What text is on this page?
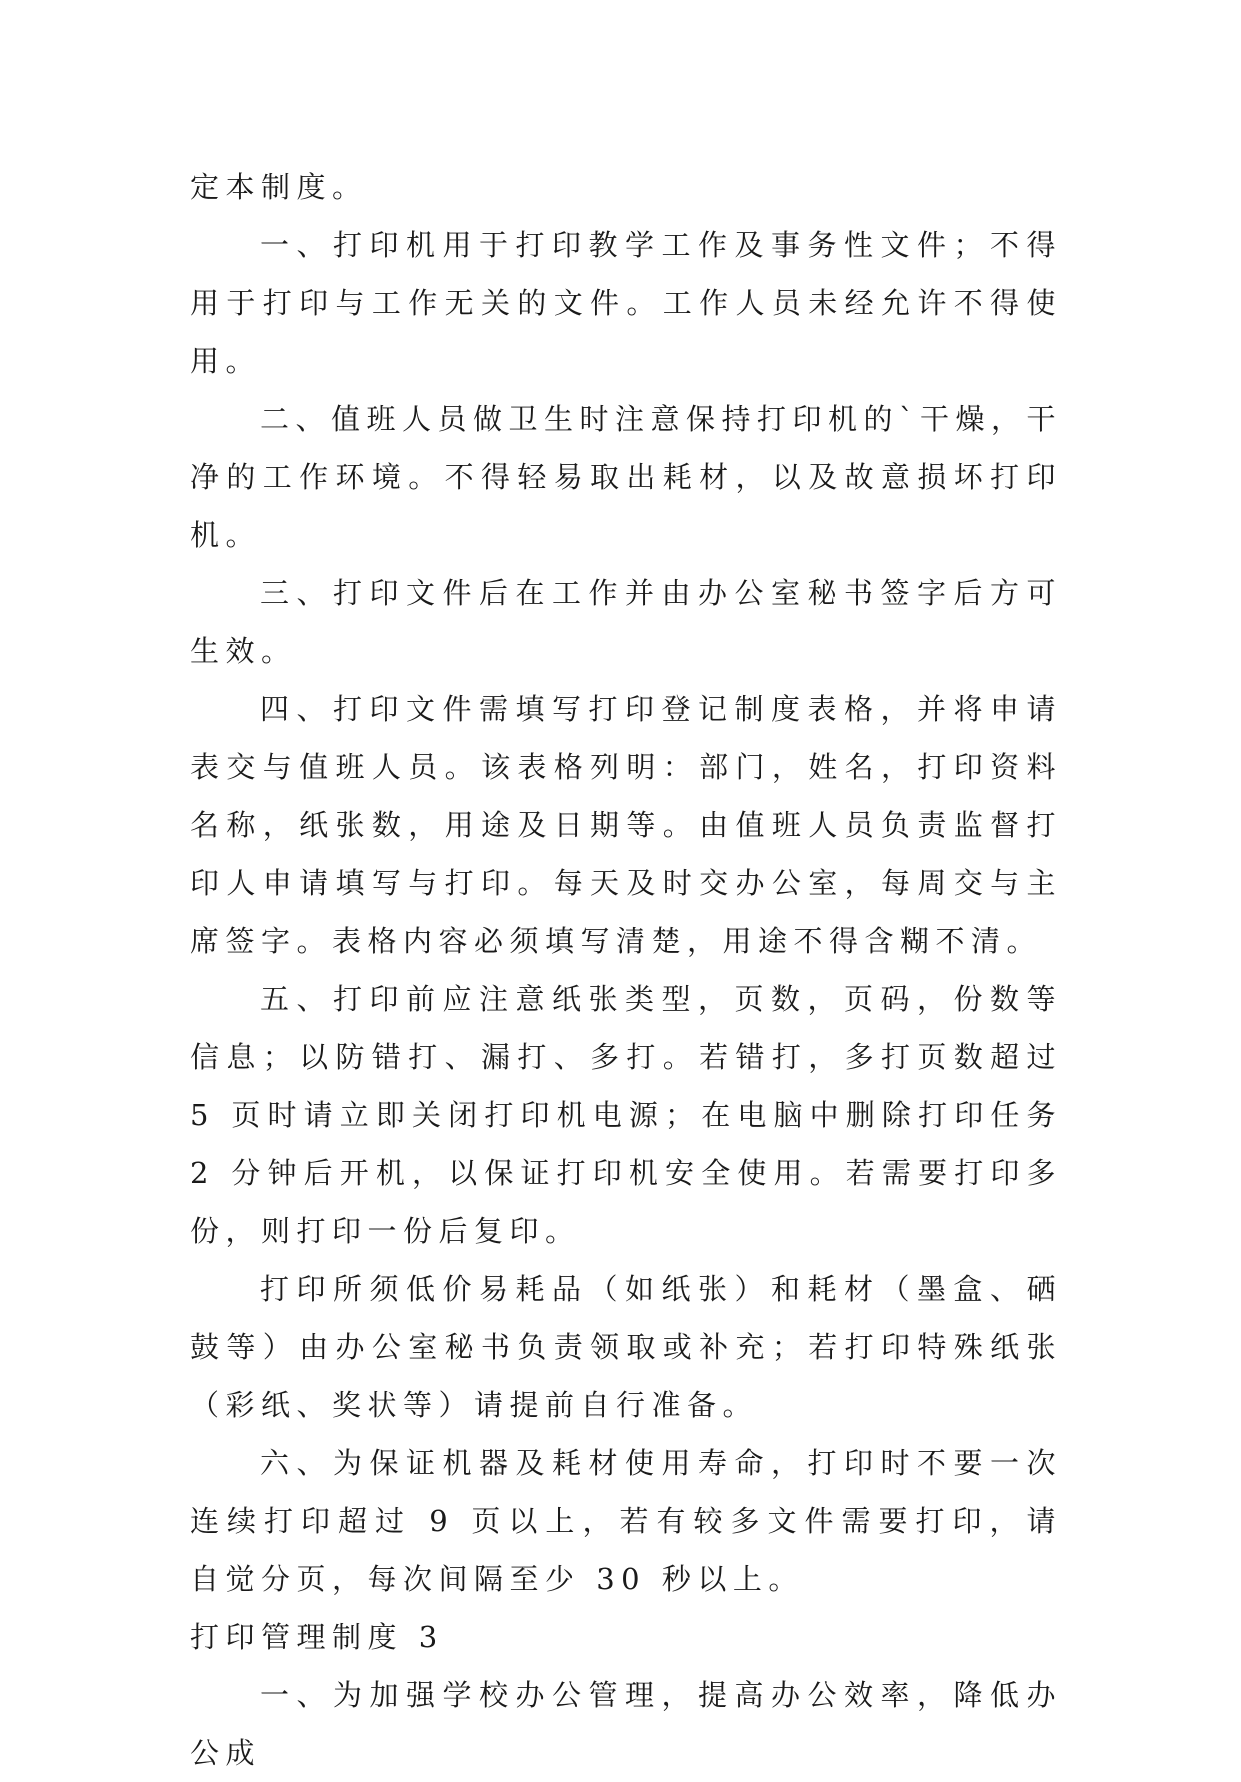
定本制度。

一、打印机用于打印教学工作及事务性文件；不得用于打印与工作无关的文件。工作人员未经允许不得使用。

二、值班人员做卫生时注意保持打印机的`干燥，干净的工作环境。不得轻易取出耗材，以及故意损坏打印机。

三、打印文件后在工作并由办公室秘书签字后方可生效。

四、打印文件需填写打印登记制度表格，并将申请表交与值班人员。该表格列明：部门，姓名，打印资料名称，纸张数，用途及日期等。由值班人员负责监督打印人申请填写与打印。每天及时交办公室，每周交与主席签字。表格内容必须填写清楚，用途不得含糊不清。

五、打印前应注意纸张类型，页数，页码，份数等信息；以防错打、漏打、多打。若错打，多打页数超过 5 页时请立即关闭打印机电源；在电脑中删除打印任务 2 分钟后开机，以保证打印机安全使用。若需要打印多份，则打印一份后复印。

打印所须低价易耗品（如纸张）和耗材（墨盒、硒鼓等）由办公室秘书负责领取或补充；若打印特殊纸张（彩纸、奖状等）请提前自行准备。

六、为保证机器及耗材使用寿命，打印时不要一次连续打印超过 9 页以上，若有较多文件需要打印，请自觉分页，每次间隔至少 30 秒以上。

打印管理制度 3

一、为加强学校办公管理，提高办公效率，降低办公成
